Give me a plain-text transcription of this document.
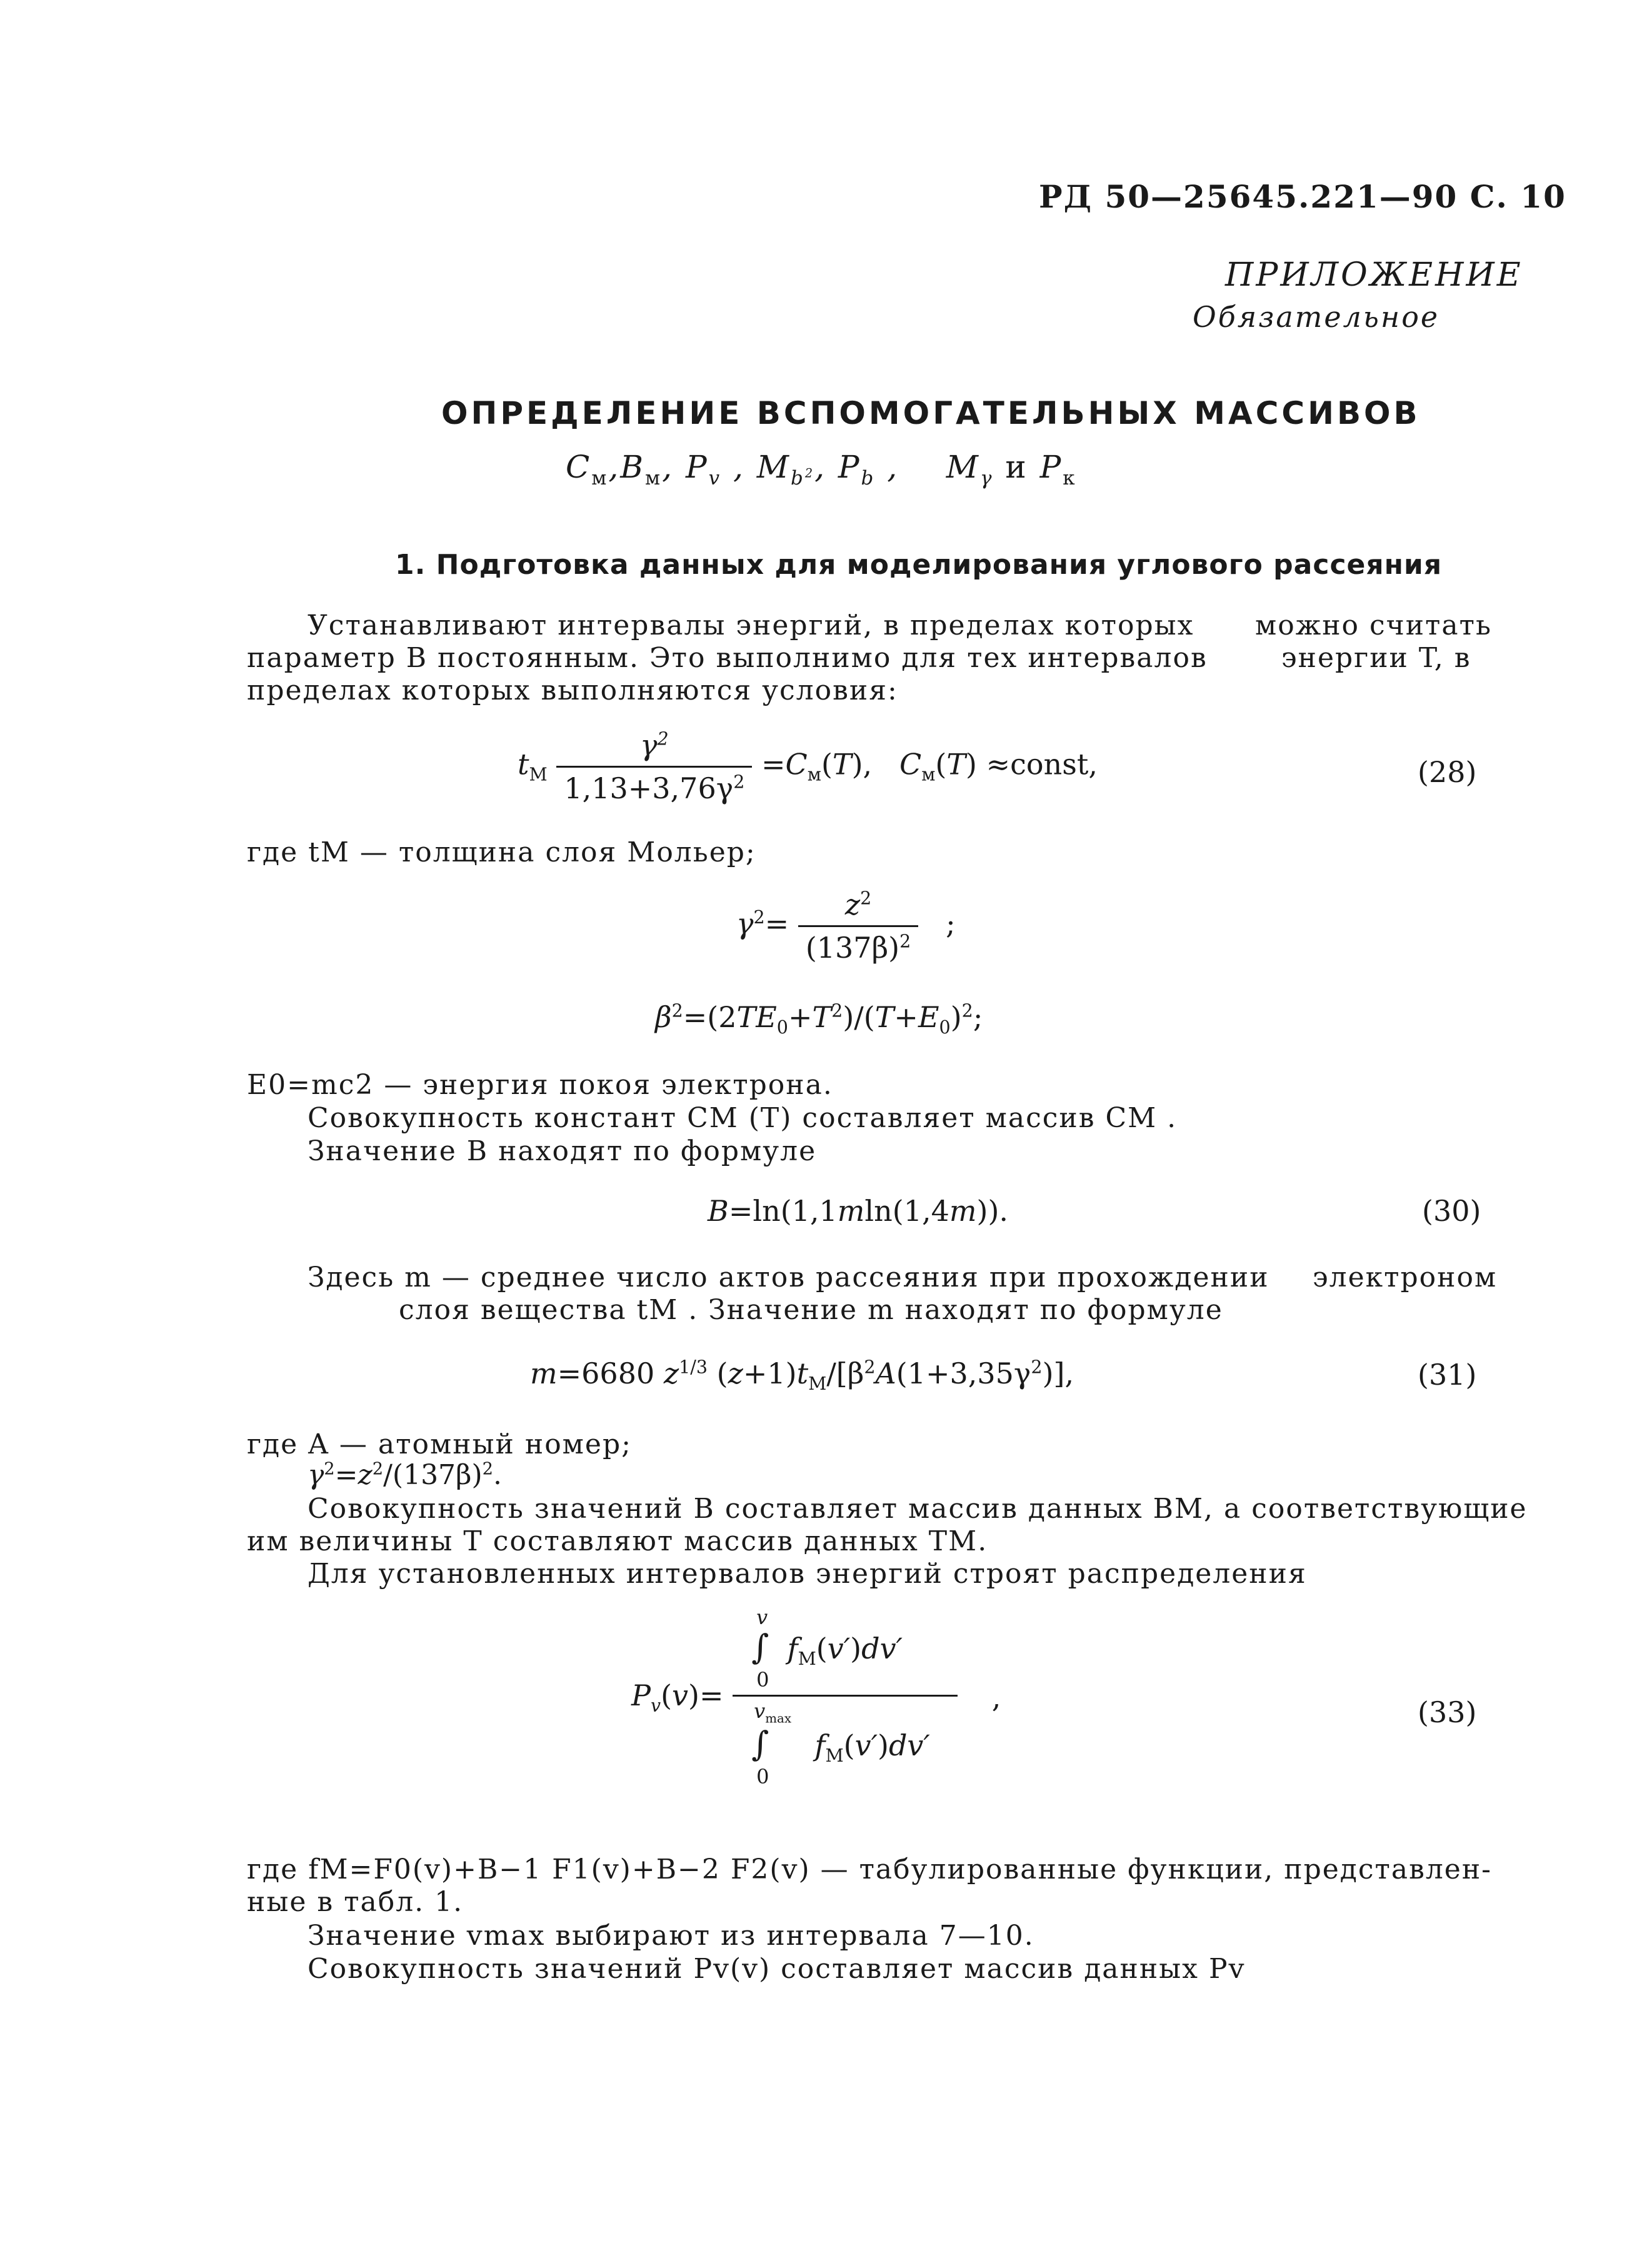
РД 50—25645.221—90 С. 10
ПРИЛОЖЕНИЕ
Обязательное
ОПРЕДЕЛЕНИЕ ВСПОМОГАТЕЛЬНЫХ МАССИВОВ
$C_м,B_м$, $P_v$ , $M_{b^2}$, $P_b$ ,    $M_\gamma$ и $P_к$
1. Подготовка данных для моделирования углового рассеяния
Устанавливают интервалы энергий, в пределах которых можно считать
параметр В постоянным. Это выполнимо для тех интервалов	энергии T, в
пределах которых выполняются условия:
$t_M \frac{\gamma^2}{1,13+3,76\gamma^2} =C_м(T)$,   $C_м(T)$ ≈const,	(28)
где tM — толщина слоя Мольер;
$\gamma^2= \frac{z^2}{(137\beta)^2}$ ;
$\beta^2=(2TE_0+T^2)/(T+E_0)^2$;
E0=mc2 — энергия покоя электрона.
Совокупность констант CM (T) составляет массив CM .
Значение В находят по формуле
B=ln(1,1mln(1,4m)).	(30)
Здесь m — среднее число актов рассеяния при прохождении электроном
слоя вещества tM . Значение m находят по формуле
m=6680 $z^{1/3}$ $(z+1)t_M/[\beta^2A(1+3,35\gamma^2)]$,	(31)
где A — атомный номер;
$\gamma^2=z^2/(137\beta)^2$.
Совокупность значений В составляет массив данных BM, а соответствующие
им величины Т составляют массив данных TM.
Для установленных интервалов энергий строят распределения
$P_v(v)=$
v
∫  $f_M(v')dv'$
0
$v_{max}$
∫     $f_M(v')dv'$
0
,	(33)
где fM=F0(v)+B−1 F1(v)+B−2 F2(v) — табулированные функции, представлен-
ные в табл. 1.
Значение vmax выбирают из интервала 7—10.
Совокупность значений Pv(v) составляет массив данных Pv
